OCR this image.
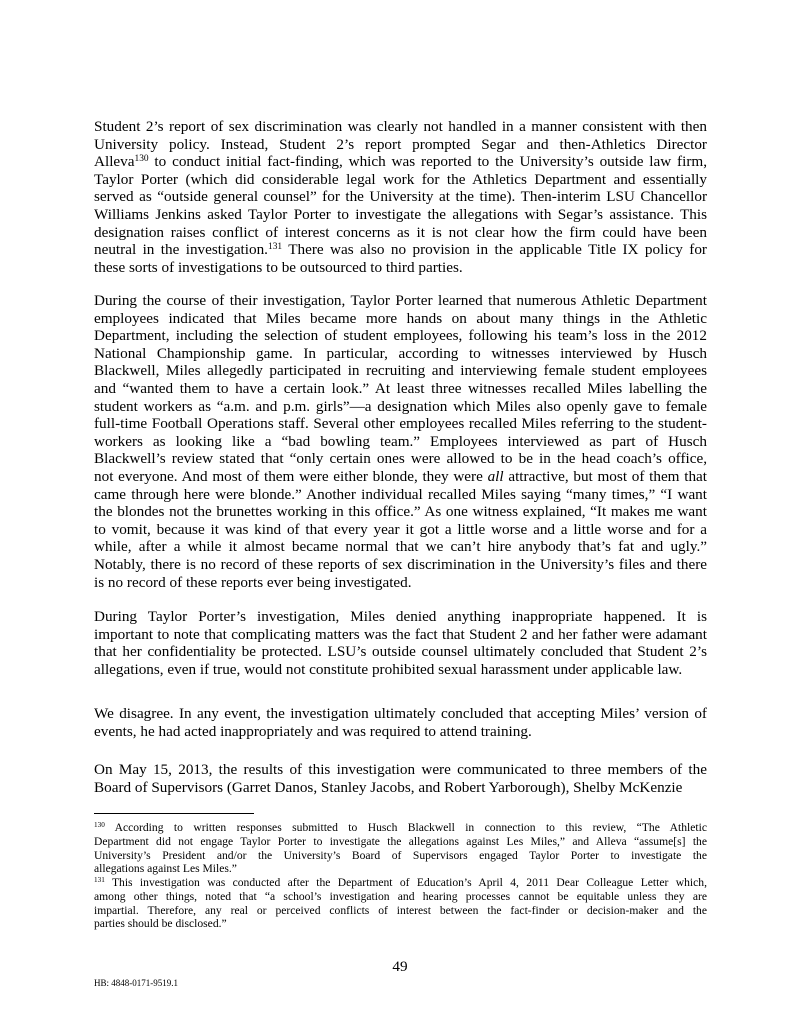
Student 2’s report of sex discrimination was clearly not handled in a manner consistent with then
University policy. Instead, Student 2’s report prompted Segar and then-Athletics Director
Alleva$^{130}$ to conduct initial fact-finding, which was reported to the University’s outside law firm,
Taylor Porter (which did considerable legal work for the Athletics Department and essentially
served as “outside general counsel” for the University at the time). Then-interim LSU Chancellor
Williams Jenkins asked Taylor Porter to investigate the allegations with Segar’s assistance. This
designation raises conflict of interest concerns as it is not clear how the firm could have been
neutral in the investigation.$^{131}$ There was also no provision in the applicable Title IX policy for
these sorts of investigations to be outsourced to third parties.
During the course of their investigation, Taylor Porter learned that numerous Athletic Department
employees indicated that Miles became more hands on about many things in the Athletic
Department, including the selection of student employees, following his team’s loss in the 2012
National Championship game. In particular, according to witnesses interviewed by Husch
Blackwell, Miles allegedly participated in recruiting and interviewing female student employees
and “wanted them to have a certain look.” At least three witnesses recalled Miles labelling the
student workers as “a.m. and p.m. girls”—a designation which Miles also openly gave to female
full-time Football Operations staff. Several other employees recalled Miles referring to the student-
workers as looking like a “bad bowling team.” Employees interviewed as part of Husch
Blackwell’s review stated that “only certain ones were allowed to be in the head coach’s office,
not everyone. And most of them were either blonde, they were all attractive, but most of them that
came through here were blonde.” Another individual recalled Miles saying “many times,” “I want
the blondes not the brunettes working in this office.” As one witness explained, “It makes me want
to vomit, because it was kind of that every year it got a little worse and a little worse and for a
while, after a while it almost became normal that we can’t hire anybody that’s fat and ugly.”
Notably, there is no record of these reports of sex discrimination in the University’s files and there
is no record of these reports ever being investigated.
During Taylor Porter’s investigation, Miles denied anything inappropriate happened. It is
important to note that complicating matters was the fact that Student 2 and her father were adamant
that her confidentiality be protected. LSU’s outside counsel ultimately concluded that Student 2’s
allegations, even if true, would not constitute prohibited sexual harassment under applicable law.
We disagree. In any event, the investigation ultimately concluded that accepting Miles’ version of
events, he had acted inappropriately and was required to attend training.
On May 15, 2013, the results of this investigation were communicated to three members of the
Board of Supervisors (Garret Danos, Stanley Jacobs, and Robert Yarborough), Shelby McKenzie
$^{130}$ According to written responses submitted to Husch Blackwell in connection to this review, “The Athletic
Department did not engage Taylor Porter to investigate the allegations against Les Miles,” and Alleva “assume[s] the
University’s President and/or the University’s Board of Supervisors engaged Taylor Porter to investigate the
allegations against Les Miles.”
$^{131}$ This investigation was conducted after the Department of Education’s April 4, 2011 Dear Colleague Letter which,
among other things, noted that “a school’s investigation and hearing processes cannot be equitable unless they are
impartial. Therefore, any real or perceived conflicts of interest between the fact-finder or decision-maker and the
parties should be disclosed.”
49
HB: 4848-0171-9519.1
